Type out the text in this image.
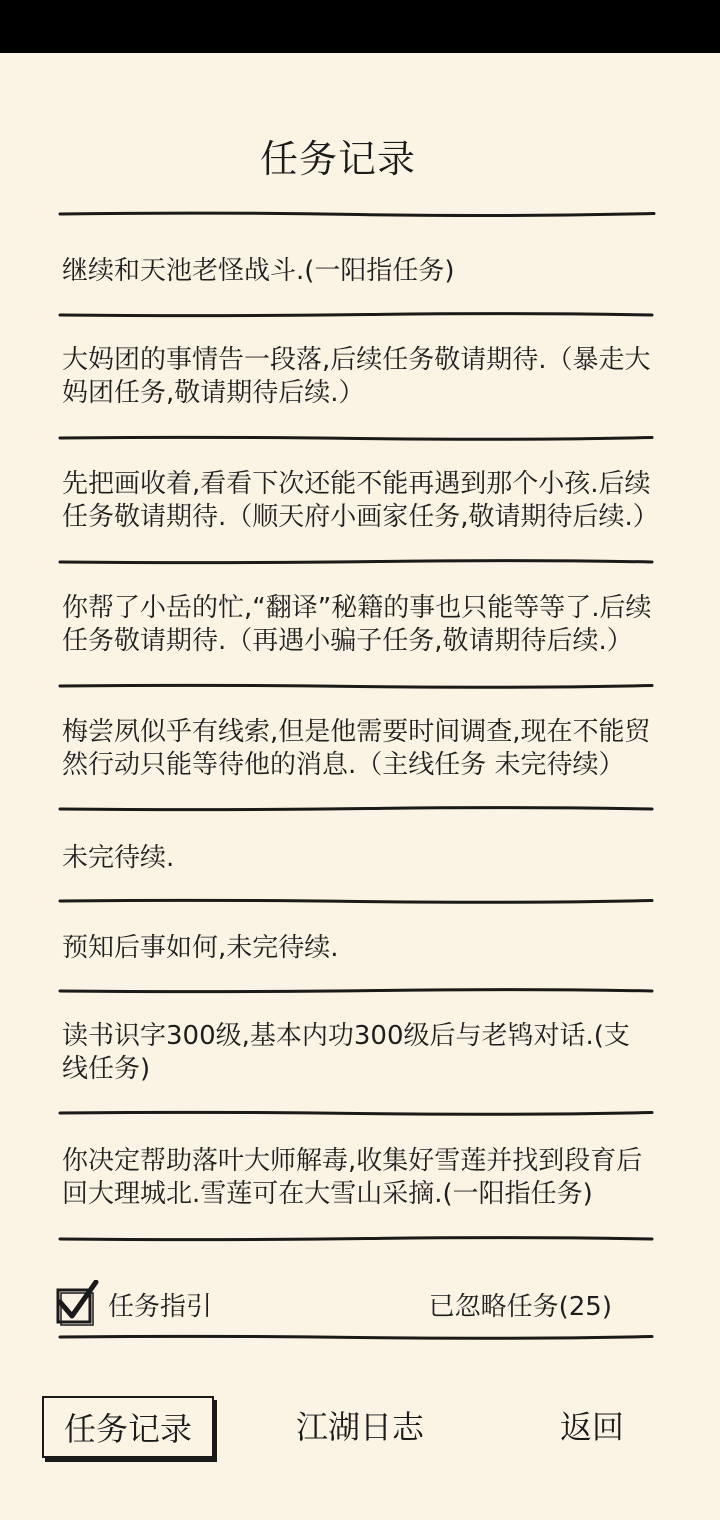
任务记录
继续和天池老怪战斗.(一阳指任务)
大妈团的事情告一段落,后续任务敬请期待.（暴走大妈团任务,敬请期待后续.）
先把画收着,看看下次还能不能再遇到那个小孩.后续任务敬请期待.（顺天府小画家任务,敬请期待后续.）
你帮了小岳的忙,“翻译”秘籍的事也只能等等了.后续任务敬请期待.（再遇小骗子任务,敬请期待后续.）
梅尝夙似乎有线索,但是他需要时间调查,现在不能贸然行动只能等待他的消息.（主线任务 未完待续）
未完待续.
预知后事如何,未完待续.
读书识字300级,基本内功300级后与老鸨对话.(支线任务)
你决定帮助落叶大师解毒,收集好雪莲并找到段育后回大理城北.雪莲可在大雪山采摘.(一阳指任务)
任务指引	已忽略任务(25)
任务记录	江湖日志	返回
